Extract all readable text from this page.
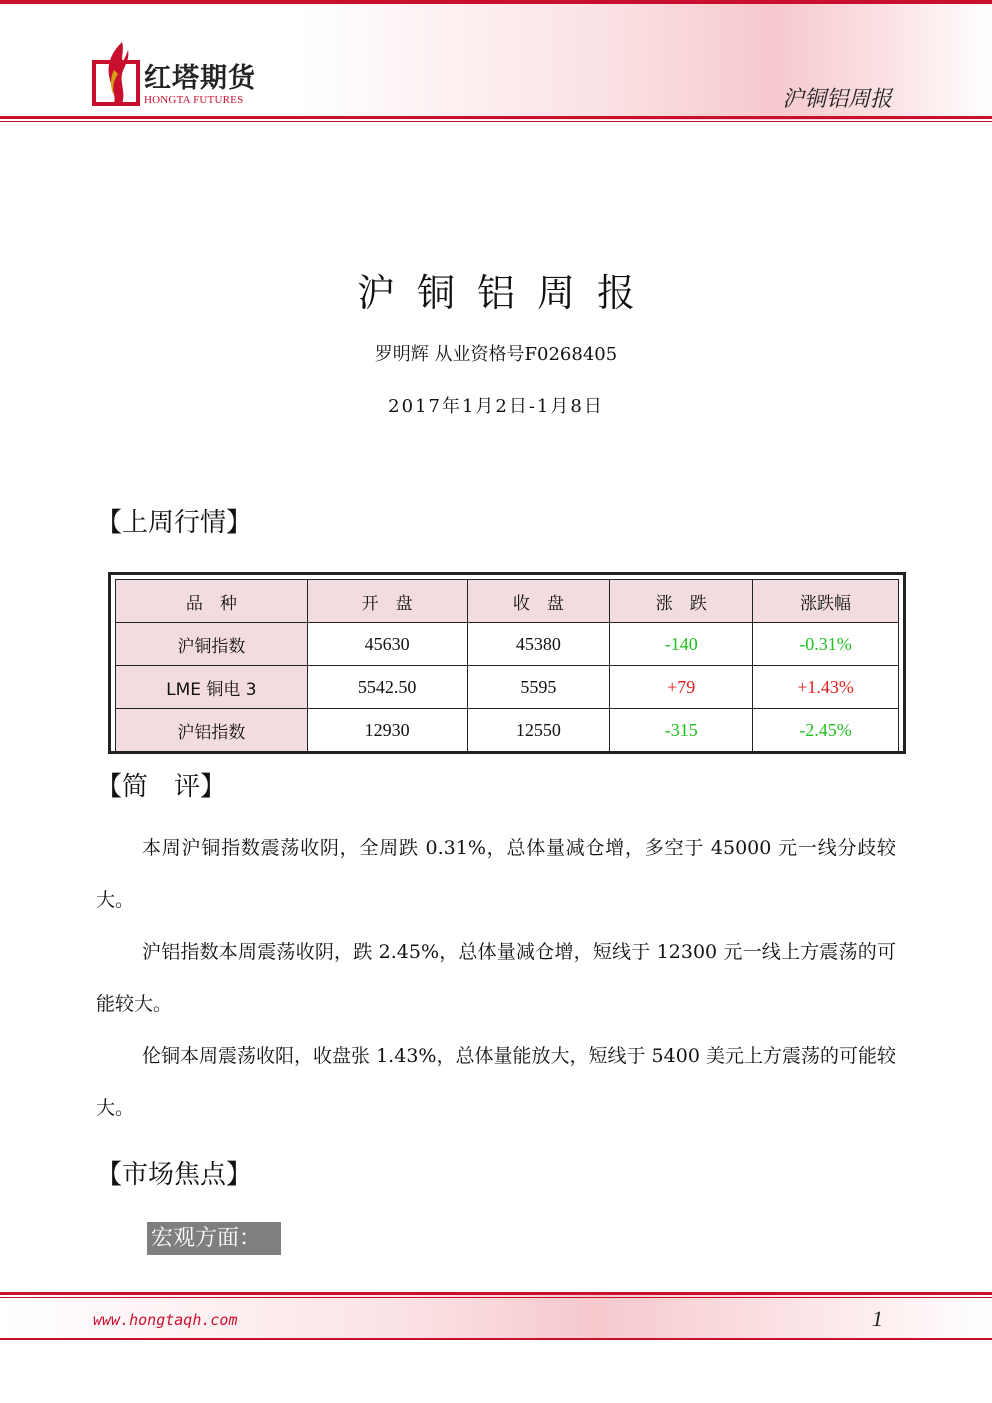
红塔期货
HONGTA FUTURES	沪铜铝周报
沪铜铝周报
罗明辉 从业资格号F0268405
2017年1月2日-1月8日
【上周行情】
品　种	开　盘	收　盘	涨　跌	涨跌幅
沪铜指数	45630	45380	-140	-0.31%
LME 铜电 3	5542.50	5595	+79	+1.43%
沪铝指数	12930	12550	-315	-2.45%
【简　评】
本周沪铜指数震荡收阴，全周跌 0.31%，总体量减仓增，多空于 45000 元一线分歧较大。
沪铝指数本周震荡收阴，跌 2.45%，总体量减仓增，短线于 12300 元一线上方震荡的可能较大。
伦铜本周震荡收阳，收盘张 1.43%，总体量能放大，短线于 5400 美元上方震荡的可能较大。
【市场焦点】
宏观方面：
www.hongtaqh.com	1
